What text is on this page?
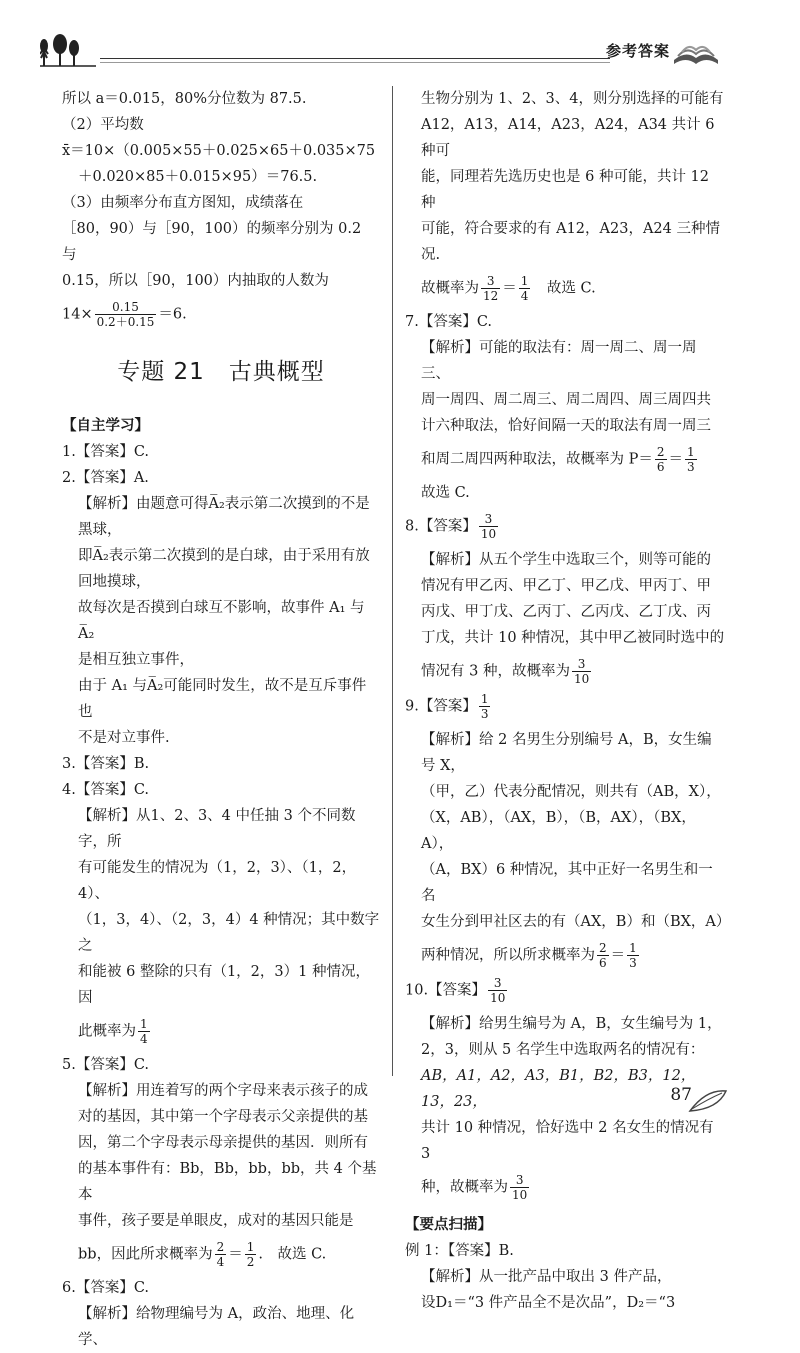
参考答案

所以 a＝0.015，80%分位数为 87.5.

（2）平均数

x̄＝10×（0.005×55＋0.025×65＋0.035×75

＋0.020×85＋0.015×95）＝76.5.

（3）由频率分布直方图知，成绩落在

［80，90）与［90，100）的频率分别为 0.2 与

0.15，所以［90，100）内抽取的人数为

$14\times \frac{0.15}{0.2+0.15} =6$.

专题 21　古典概型

【自主学习】

1.【答案】C.

2.【答案】A.

【解析】由题意可得A̅₂表示第二次摸到的不是

黑球，

即A̅₂表示第二次摸到的是白球，由于采用有放

回地摸球，

故每次是否摸到白球互不影响，故事件 A₁ 与A̅₂

是相互独立事件，

由于 A₁ 与A̅₂可能同时发生，故不是互斥事件也

不是对立事件.

3.【答案】B.

4.【答案】C.

【解析】从1、2、3、4 中任抽 3 个不同数字，所

有可能发生的情况为（1，2，3）、（1，2，4）、

（1，3，4）、（2，3，4）4 种情况；其中数字之

和能被 6 整除的只有（1，2，3）1 种情况，因

此概率为 $\frac{1}{4}$

5.【答案】C.

【解析】用连着写的两个字母来表示孩子的成

对的基因，其中第一个字母表示父亲提供的基

因，第二个字母表示母亲提供的基因．则所有

的基本事件有：Bb，Bb，bb，bb，共 4 个基本

事件，孩子要是单眼皮，成对的基因只能是

bb，因此所求概率为 $\frac{2}{4} = \frac{1}{2}$ .　故选 C.

6.【答案】C.

【解析】给物理编号为 A，政治、地理、化学、

生物分别为 1、2、3、4，则分别选择的可能有

A12，A13，A14，A23，A24，A34 共计 6 种可

能，同理若先选历史也是 6 种可能，共计 12 种

可能，符合要求的有 A12，A23，A24 三种情况.

故概率为 $\frac{3}{12} = \frac{1}{4}$ 　故选 C.

7.【答案】C.

【解析】可能的取法有：周一周二、周一周三、

周一周四、周二周三、周二周四、周三周四共

计六种取法，恰好间隔一天的取法有周一周三

和周二周四两种取法，故概率为 $P= \frac{2}{6} = \frac{1}{3}$

故选 C.

8.【答案】 $\frac{3}{10}$

【解析】从五个学生中选取三个，则等可能的

情况有甲乙丙、甲乙丁、甲乙戊、甲丙丁、甲

丙戊、甲丁戊、乙丙丁、乙丙戊、乙丁戊、丙

丁戊，共计 10 种情况，其中甲乙被同时选中的

情况有 3 种，故概率为 $\frac{3}{10}$

9.【答案】 $\frac{1}{3}$

【解析】给 2 名男生分别编号 A，B，女生编号 X，

（甲，乙）代表分配情况，则共有（AB，X），

（X，AB），（AX，B），（B，AX），（BX，A），

（A，BX）6 种情况，其中正好一名男生和一名

女生分到甲社区去的有（AX，B）和（BX，A）

两种情况，所以所求概率为 $\frac{2}{6} = \frac{1}{3}$

10.【答案】 $\frac{3}{10}$

【解析】给男生编号为 A，B，女生编号为 1，

2，3，则从 5 名学生中选取两名的情况有：

AB，A1，A2，A3，B1，B2，B3，12，13，23，

共计 10 种情况，恰好选中 2 名女生的情况有 3

种，故概率为 $\frac{3}{10}$

【要点扫描】

例 1：【答案】B.

【解析】从一批产品中取出 3 件产品，

设D₁＝“3 件产品全不是次品”，D₂＝“3

87
